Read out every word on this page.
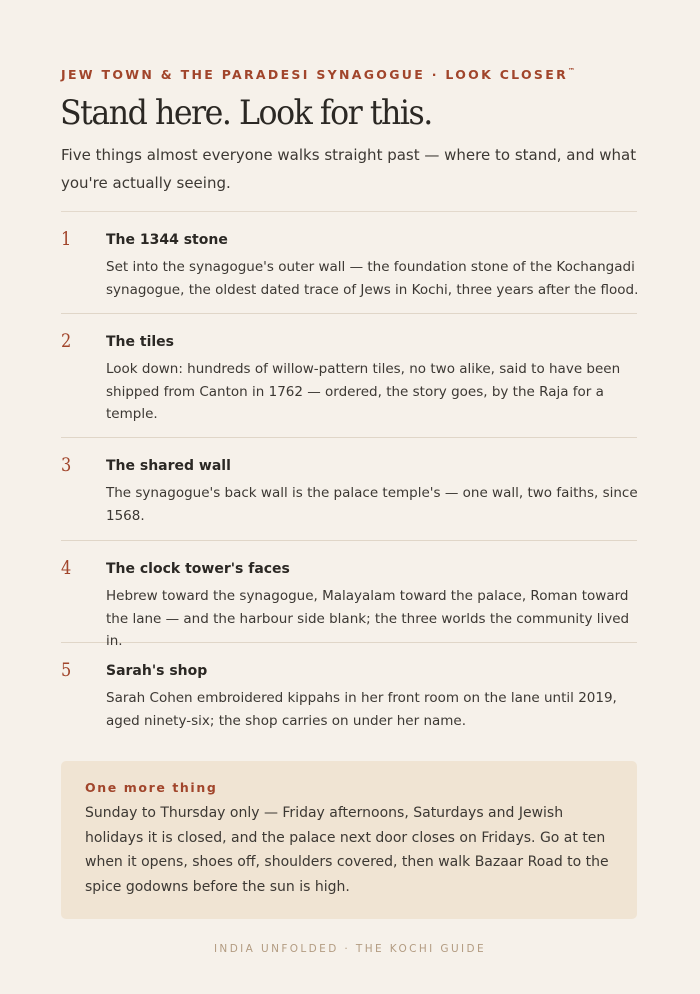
JEW TOWN & THE PARADESI SYNAGOGUE · LOOK CLOSER™
Stand here. Look for this.

Five things almost everyone walks straight past — where to stand, and what you're actually seeing.

1 The 1344 stone

Set into the synagogue's outer wall — the foundation stone of the Kochangadi synagogue, the oldest dated trace of Jews in Kochi, three years after the flood.

2 The tiles

Look down: hundreds of willow-pattern tiles, no two alike, said to have been shipped from Canton in 1762 — ordered, the story goes, by the Raja for a temple.

3 The shared wall

The synagogue's back wall is the palace temple's — one wall, two faiths, since 1568.

4 The clock tower's faces

Hebrew toward the synagogue, Malayalam toward the palace, Roman toward the lane — and the harbour side blank; the three worlds the community lived in.

5 Sarah's shop

Sarah Cohen embroidered kippahs in her front room on the lane until 2019, aged ninety-six; the shop carries on under her name.

One more thing

Sunday to Thursday only — Friday afternoons, Saturdays and Jewish holidays it is closed, and the palace next door closes on Fridays. Go at ten when it opens, shoes off, shoulders covered, then walk Bazaar Road to the spice godowns before the sun is high.

INDIA UNFOLDED · THE KOCHI GUIDE
